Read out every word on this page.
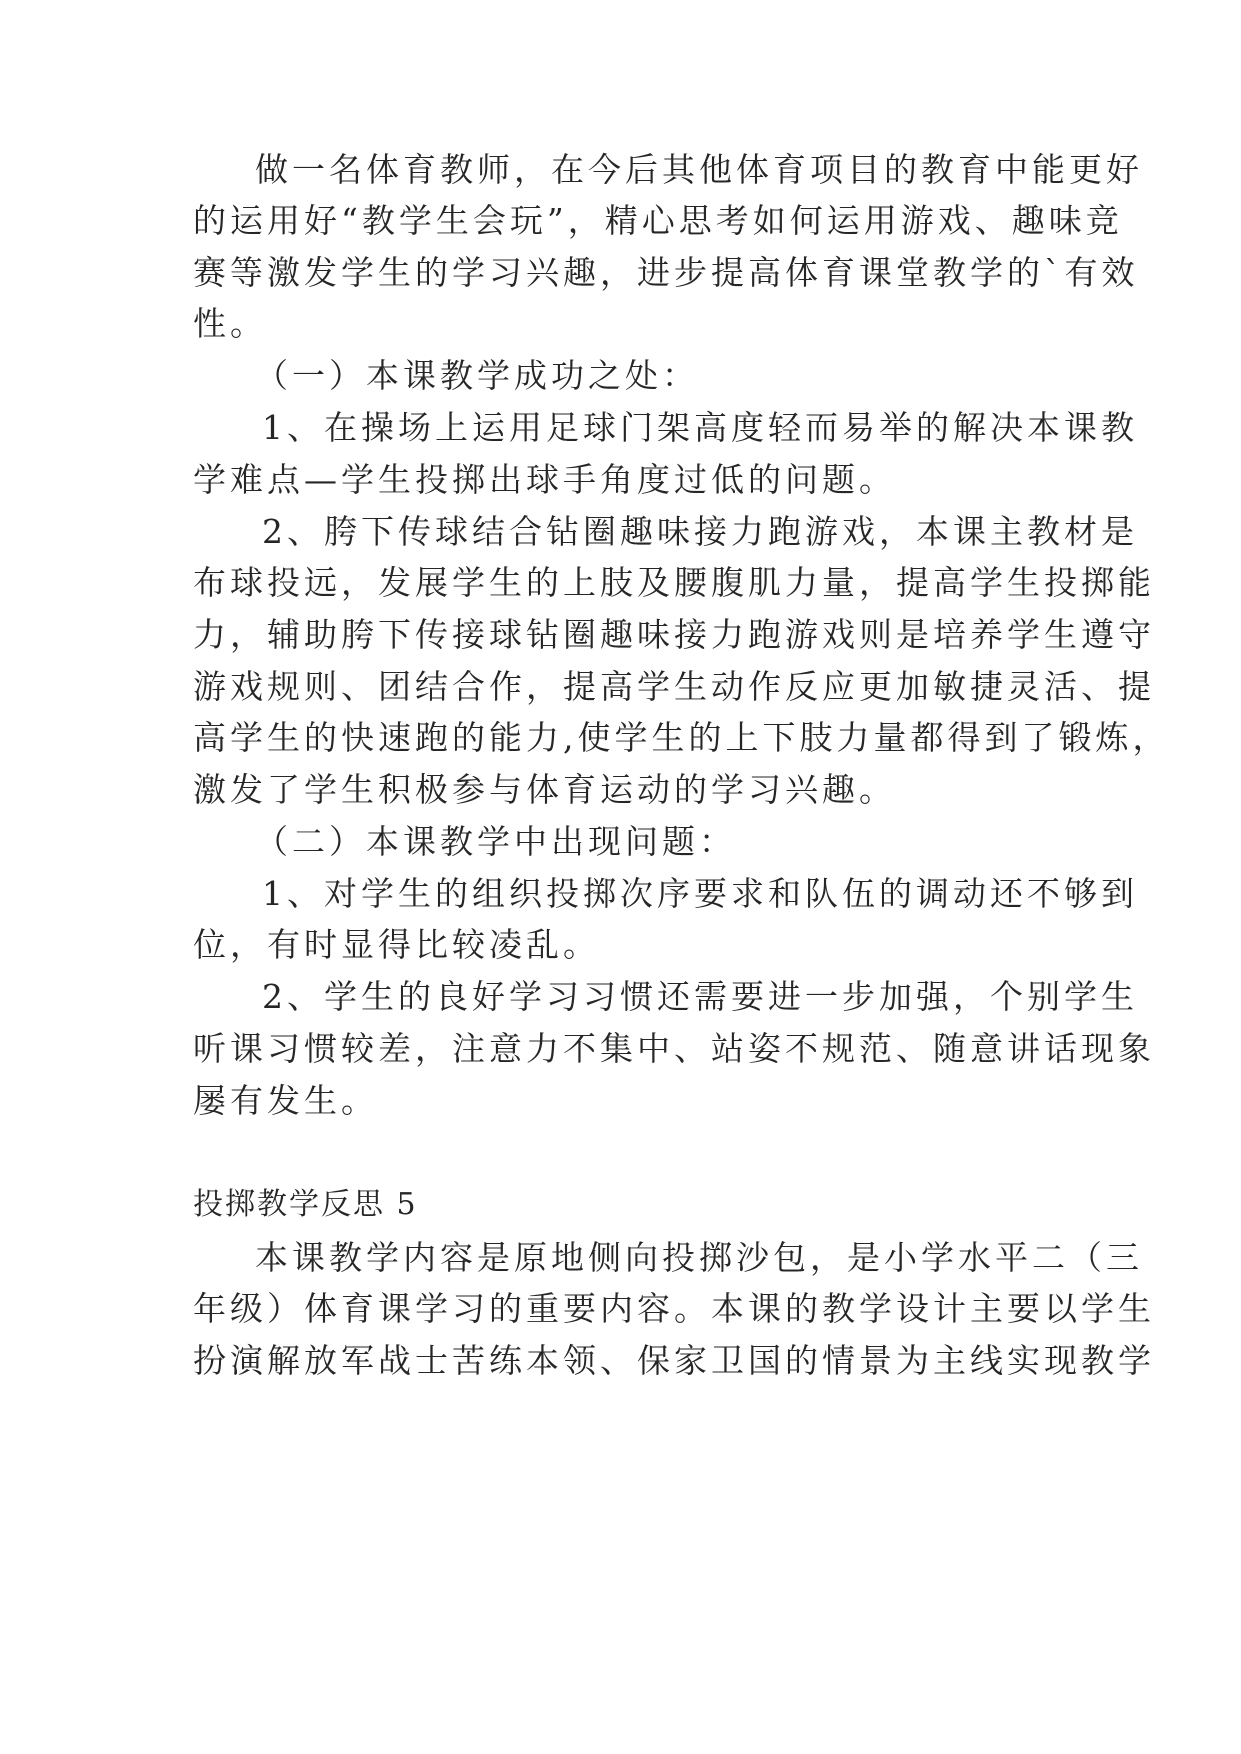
做一名体育教师，在今后其他体育项目的教育中能更好
的运用好“教学生会玩”，精心思考如何运用游戏、趣味竞
赛等激发学生的学习兴趣，进步提高体育课堂教学的`有效
性。
（一）本课教学成功之处：
1、在操场上运用足球门架高度轻而易举的解决本课教
学难点—学生投掷出球手角度过低的问题。
2、胯下传球结合钻圈趣味接力跑游戏，本课主教材是
布球投远，发展学生的上肢及腰腹肌力量，提高学生投掷能
力，辅助胯下传接球钻圈趣味接力跑游戏则是培养学生遵守
游戏规则、团结合作，提高学生动作反应更加敏捷灵活、提
高学生的快速跑的能力,使学生的上下肢力量都得到了锻炼，
激发了学生积极参与体育运动的学习兴趣。
（二）本课教学中出现问题：
1、对学生的组织投掷次序要求和队伍的调动还不够到
位，有时显得比较凌乱。
2、学生的良好学习习惯还需要进一步加强，个别学生
听课习惯较差，注意力不集中、站姿不规范、随意讲话现象
屡有发生。
投掷教学反思 5
本课教学内容是原地侧向投掷沙包，是小学水平二（三
年级）体育课学习的重要内容。本课的教学设计主要以学生
扮演解放军战士苦练本领、保家卫国的情景为主线实现教学
